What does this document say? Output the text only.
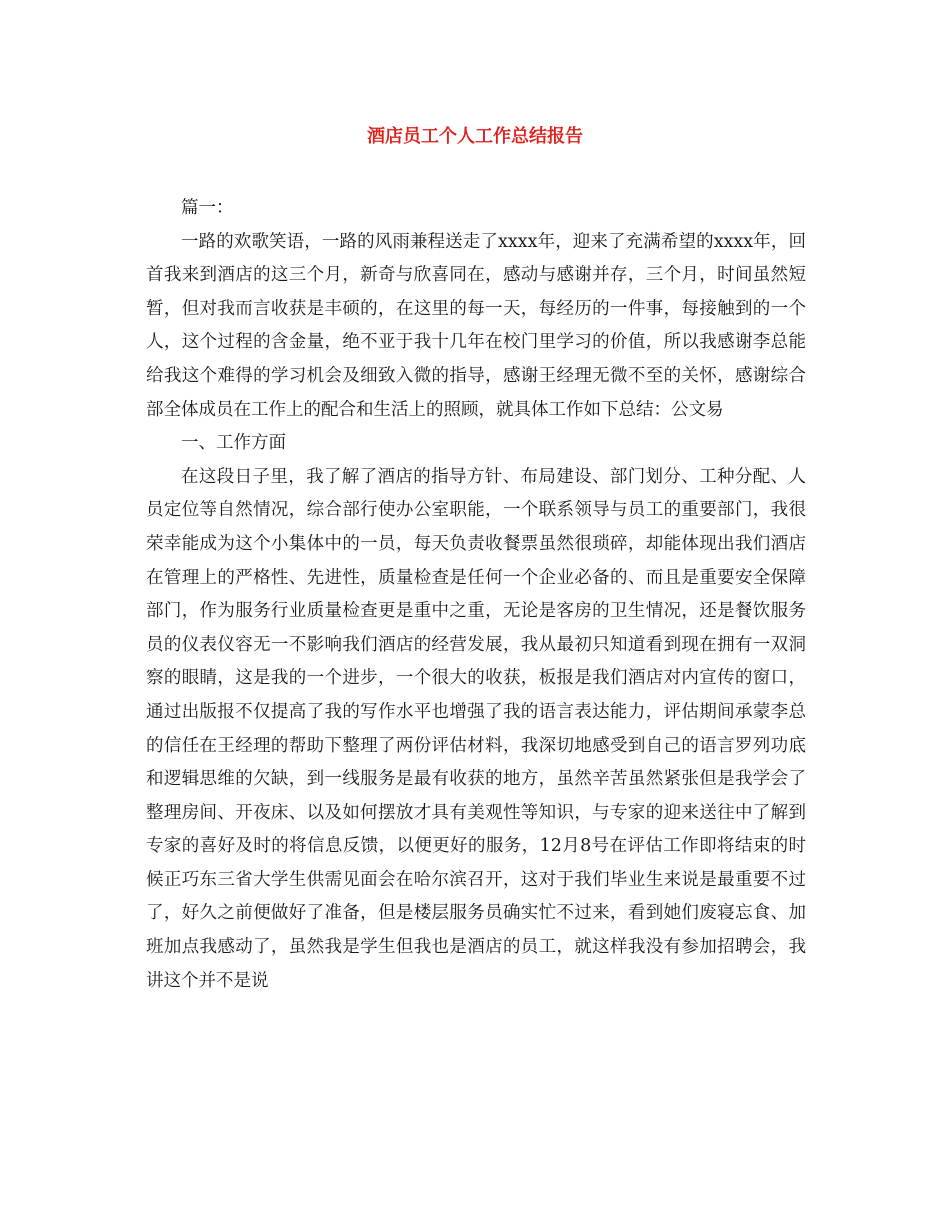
酒店员工个人工作总结报告

篇一：

一路的欢歌笑语，一路的风雨兼程送走了xxxx年，迎来了充满希望的xxxx年，回首我来到酒店的这三个月，新奇与欣喜同在，感动与感谢并存，三个月，时间虽然短暂，但对我而言收获是丰硕的，在这里的每一天，每经历的一件事，每接触到的一个人，这个过程的含金量，绝不亚于我十几年在校门里学习的价值，所以我感谢李总能给我这个难得的学习机会及细致入微的指导，感谢王经理无微不至的关怀，感谢综合部全体成员在工作上的配合和生活上的照顾，就具体工作如下总结：公文易

一、工作方面

在这段日子里，我了解了酒店的指导方针、布局建设、部门划分、工种分配、人员定位等自然情况，综合部行使办公室职能，一个联系领导与员工的重要部门，我很荣幸能成为这个小集体中的一员，每天负责收餐票虽然很琐碎，却能体现出我们酒店在管理上的严格性、先进性，质量检查是任何一个企业必备的、而且是重要安全保障部门，作为服务行业质量检查更是重中之重，无论是客房的卫生情况，还是餐饮服务员的仪表仪容无一不影响我们酒店的经营发展，我从最初只知道看到现在拥有一双洞察的眼睛，这是我的一个进步，一个很大的收获，板报是我们酒店对内宣传的窗口，通过出版报不仅提高了我的写作水平也增强了我的语言表达能力，评估期间承蒙李总的信任在王经理的帮助下整理了两份评估材料，我深切地感受到自己的语言罗列功底和逻辑思维的欠缺，到一线服务是最有收获的地方，虽然辛苦虽然紧张但是我学会了整理房间、开夜床、以及如何摆放才具有美观性等知识，与专家的迎来送往中了解到专家的喜好及时的将信息反馈，以便更好的服务，12月8号在评估工作即将结束的时候正巧东三省大学生供需见面会在哈尔滨召开，这对于我们毕业生来说是最重要不过了，好久之前便做好了准备，但是楼层服务员确实忙不过来，看到她们废寝忘食、加班加点我感动了，虽然我是学生但我也是酒店的员工，就这样我没有参加招聘会，我讲这个并不是说
